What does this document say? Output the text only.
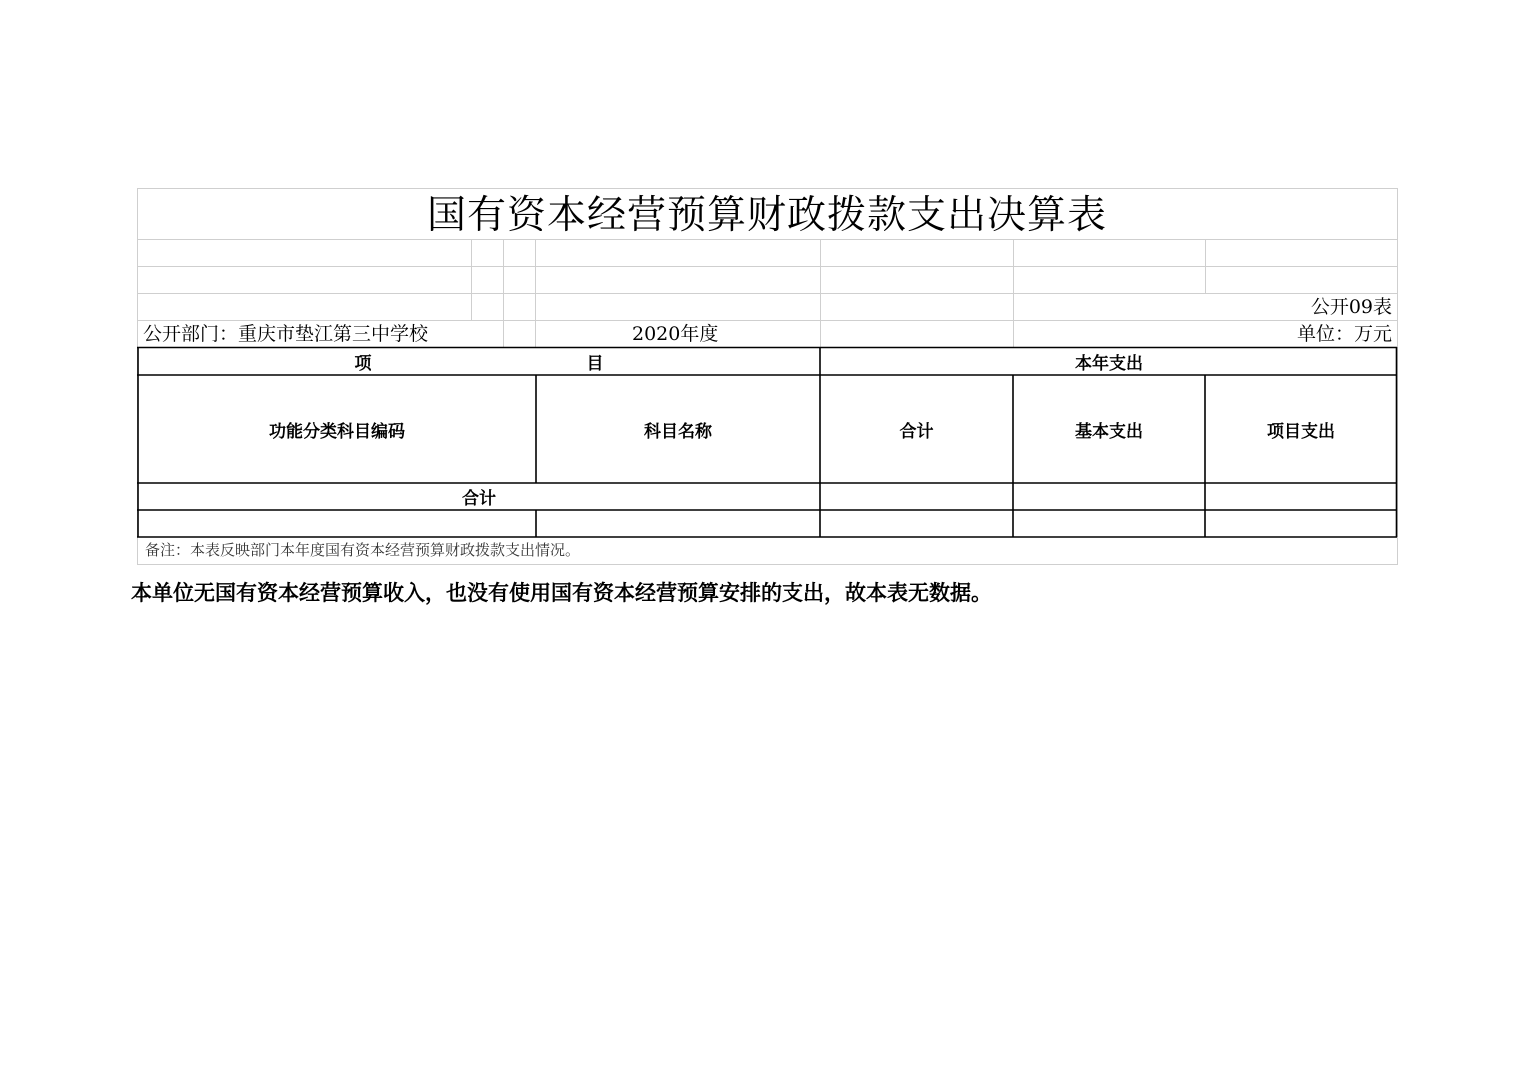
国有资本经营预算财政拨款支出决算表
公开09表
公开部门：重庆市垫江第三中学校	2020年度	单位：万元
项	目	本年支出
功能分类科目编码	科目名称	合计	基本支出	项目支出
合计
备注：本表反映部门本年度国有资本经营预算财政拨款支出情况。
本单位无国有资本经营预算收入，也没有使用国有资本经营预算安排的支出，故本表无数据。
